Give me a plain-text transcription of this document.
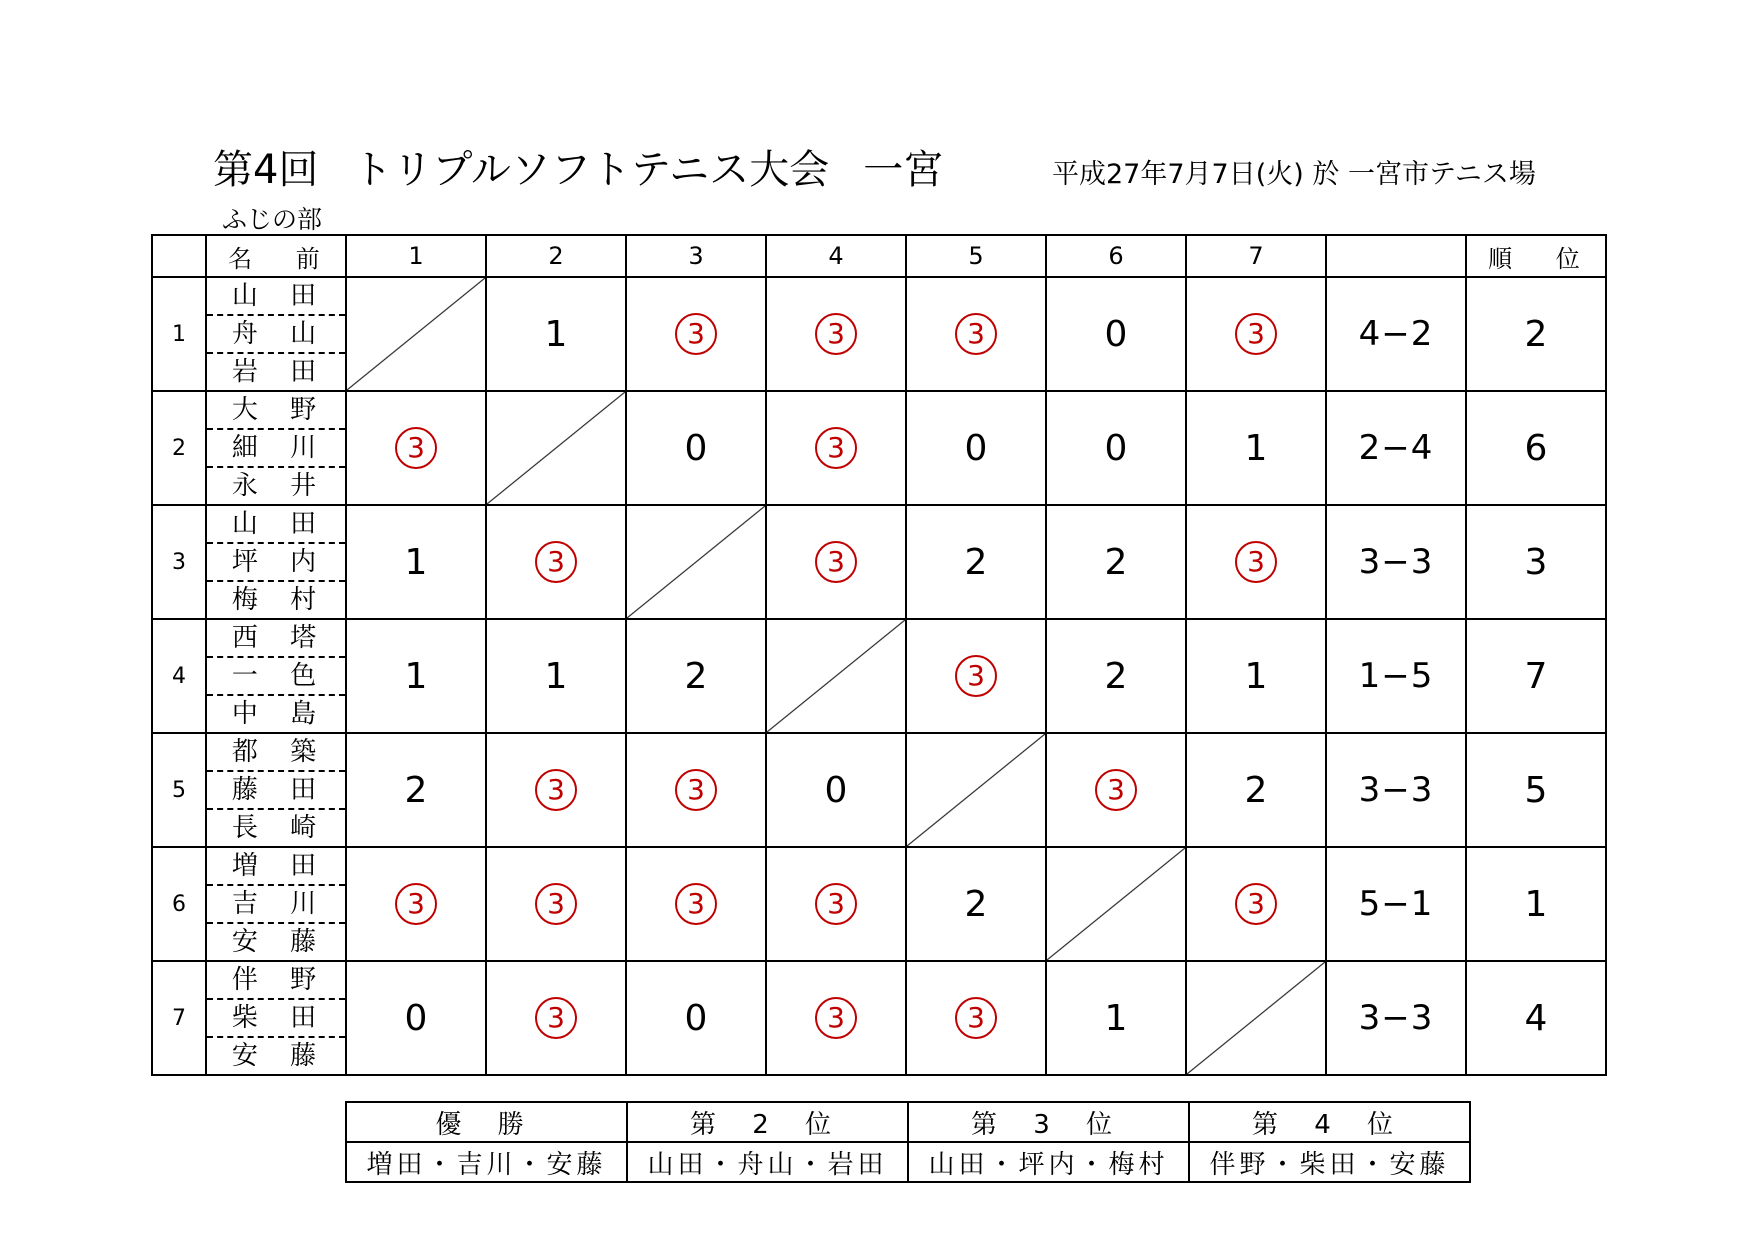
第4回 トリプルソフトテニス大会 一宮	平成27年7月7日(火) 於 一宮市テニス場
ふじの部
	名 前	1	2	3	4	5	6	7		順 位
1	山 田
舟 山
岩 田		1	3	3	3	0	3	4−2	2
2	大 野
細 川
永 井	3		0	3	0	0	1	2−4	6
3	山 田
坪 内
梅 村	1	3		3	2	2	3	3−3	3
4	西 塔
一 色
中 島	1	1	2		3	2	1	1−5	7
5	都 築
藤 田
長 崎	2	3	3	0		3	2	3−3	5
6	増 田
吉 川
安 藤	3	3	3	3	2		3	5−1	1
7	伴 野
柴 田
安 藤	0	3	0	3	3	1		3−3	4
優 勝	第 2 位	第 3 位	第 4 位
増田・吉川・安藤	山田・舟山・岩田	山田・坪内・梅村	伴野・柴田・安藤
